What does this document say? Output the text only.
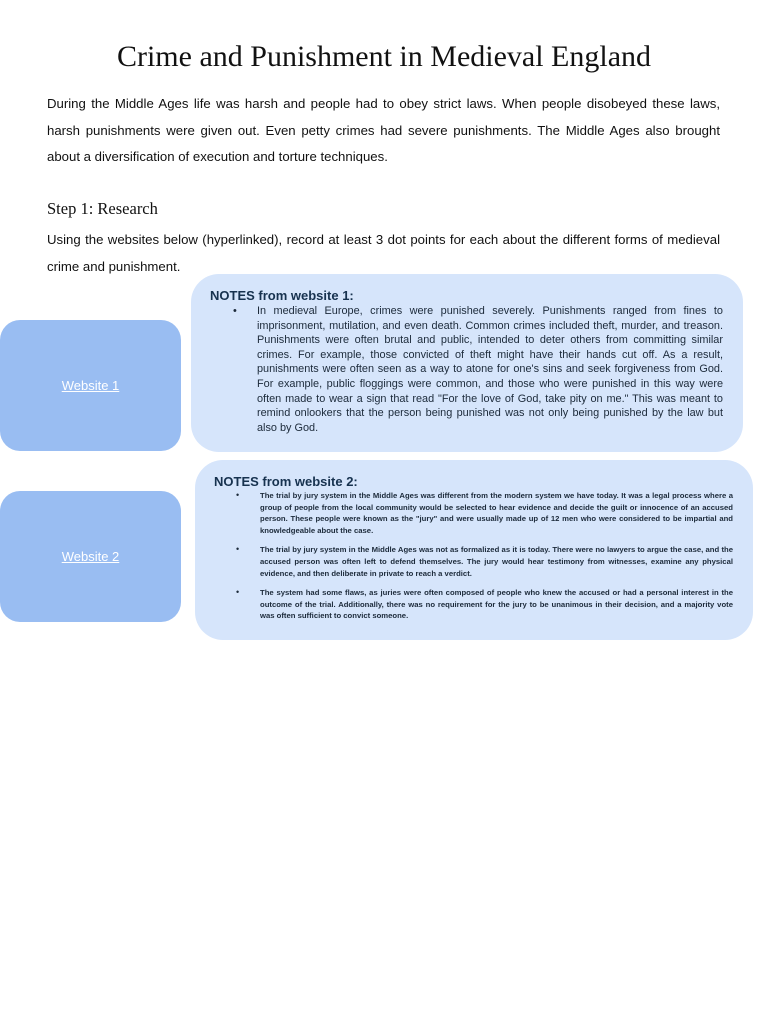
Crime and Punishment in Medieval England

During the Middle Ages life was harsh and people had to obey strict laws. When people disobeyed these laws, harsh punishments were given out. Even petty crimes had severe punishments. The Middle Ages also brought about a diversification of execution and torture techniques.

Step 1: Research

Using the websites below (hyperlinked), record at least 3 dot points for each about the different forms of medieval crime and punishment.

Website 1

NOTES from website 1:

• In medieval Europe, crimes were punished severely. Punishments ranged from fines to imprisonment, mutilation, and even death. Common crimes included theft, murder, and treason. Punishments were often brutal and public, intended to deter others from committing similar crimes. For example, those convicted of theft might have their hands cut off. As a result, punishments were often seen as a way to atone for one's sins and seek forgiveness from God. For example, public floggings were common, and those who were punished in this way were often made to wear a sign that read "For the love of God, take pity on me." This was meant to remind onlookers that the person being punished was not only being punished by the law but also by God.
Website 2

NOTES from website 2:

•	The trial by jury system in the Middle Ages was different from the modern system we have today. It was a legal process where a group of people from the local community would be selected to hear evidence and decide the guilt or innocence of an accused person. These people were known as the "jury" and were usually made up of 12 men who were considered to be impartial and knowledgeable about the case.
•	The trial by jury system in the Middle Ages was not as formalized as it is today. There were no lawyers to argue the case, and the accused person was often left to defend themselves. The jury would hear testimony from witnesses, examine any physical evidence, and then deliberate in private to reach a verdict.
•	The system had some flaws, as juries were often composed of people who knew the accused or had a personal interest in the outcome of the trial. Additionally, there was no requirement for the jury to be unanimous in their decision, and a majority vote was often sufficient to convict someone.
